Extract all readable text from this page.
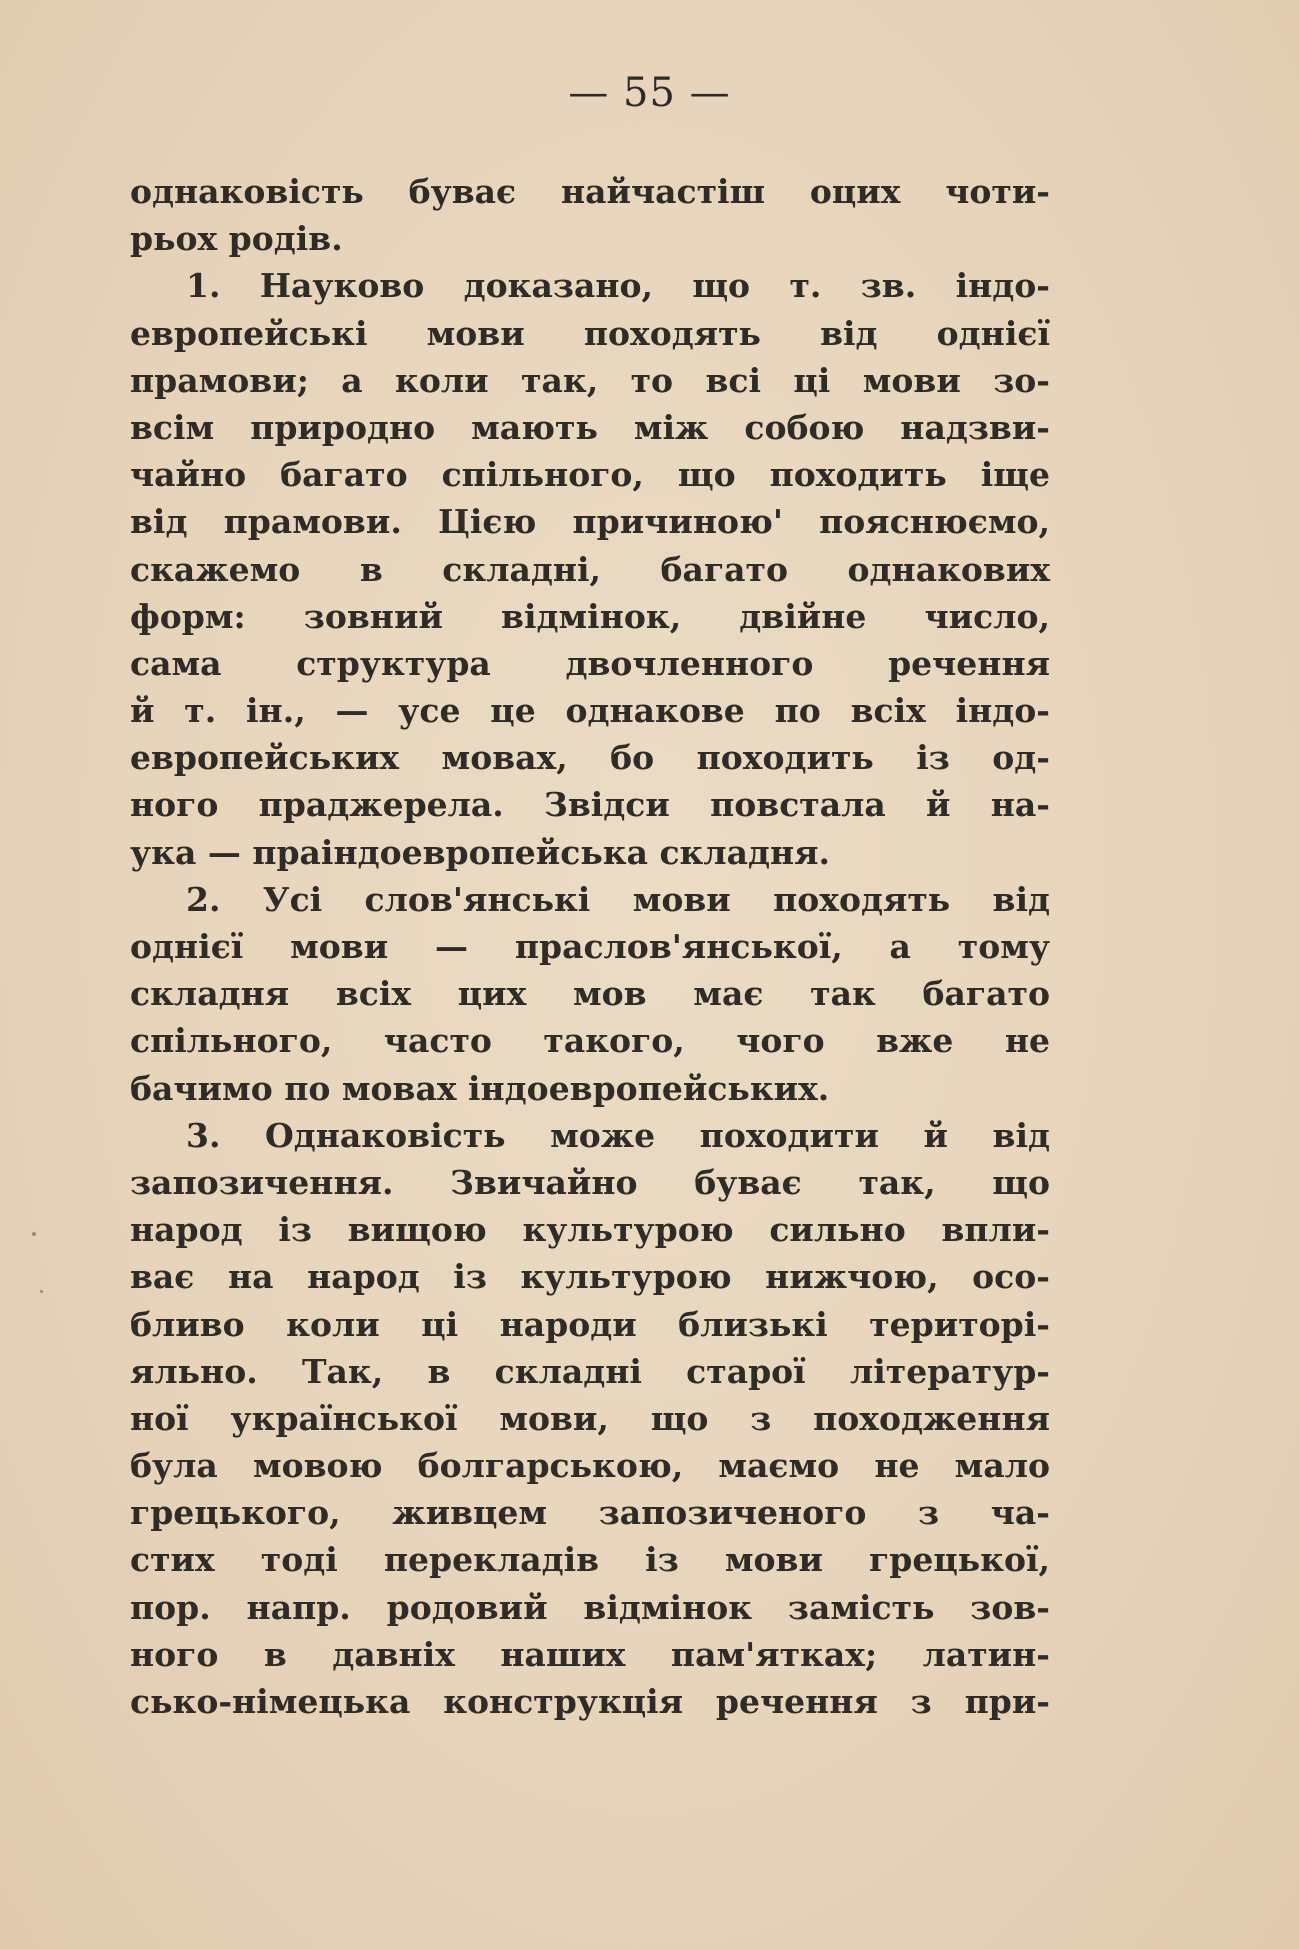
— 55 —
однаковість буває найчастіш оцих чоти-
рьох родів.
1. Науково доказано, що т. зв. індо-
европейські мови походять від однієї
прамови; а коли так, то всі ці мови зо-
всім природно мають між собою надзви-
чайно багато спільного, що походить іще
від прамови. Цією причиною' пояснюємо,
скажемо в складні, багато однакових
форм: зовний відмінок, двійне число,
сама структура двочленного речення
й т. ін., — усе це однакове по всіх індо-
европейських мовах, бо походить із од-
ного праджерела. Звідси повстала й на-
ука — праіндоевропейська складня.
2. Усі слов'янські мови походять від
однієї мови — праслов'янської, а тому
складня всіх цих мов має так багато
спільного, часто такого, чого вже не
бачимо по мовах індоевропейських.
3. Однаковість може походити й від
запозичення. Звичайно буває так, що
народ із вищою культурою сильно впли-
ває на народ із культурою нижчою, осо-
бливо коли ці народи близькі територі-
яльно. Так, в складні старої літератур-
ної української мови, що з походження
була мовою болгарською, маємо не мало
грецького, живцем запозиченого з ча-
стих тоді перекладів із мови грецької,
пор. напр. родовий відмінок замість зов-
ного в давніх наших пам'ятках; латин-
сько-німецька конструкція речення з при-
